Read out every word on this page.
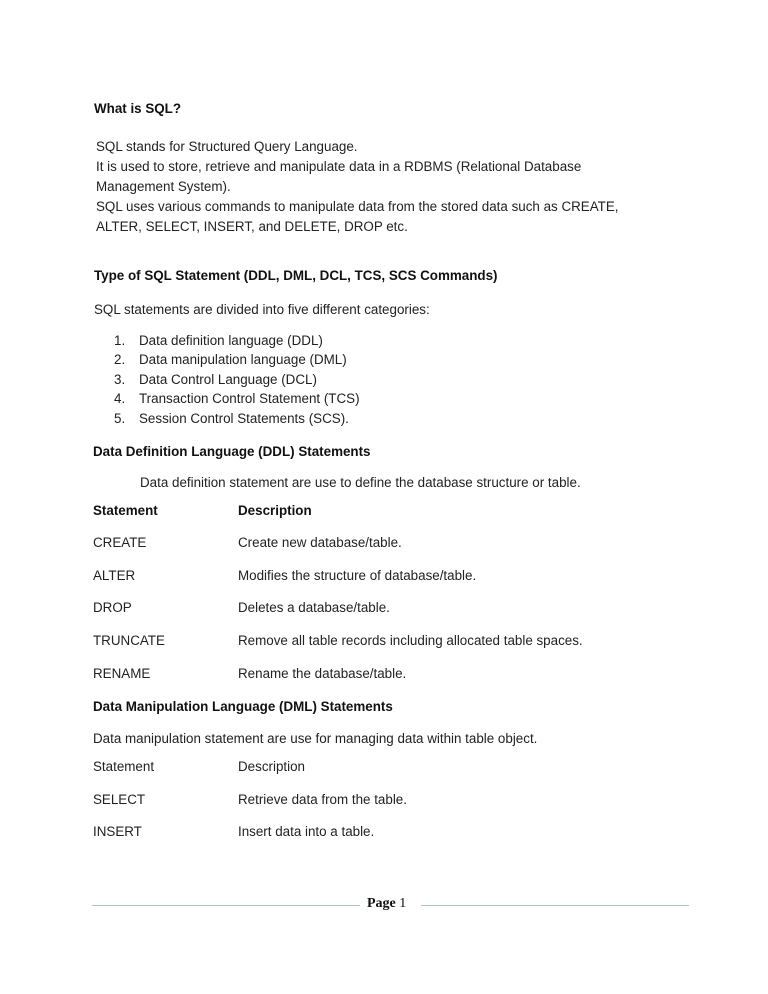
What is SQL?
SQL stands for Structured Query Language.
It is used to store, retrieve and manipulate data in a RDBMS (Relational Database
Management System).
SQL uses various commands to manipulate data from the stored data such as CREATE,
ALTER, SELECT, INSERT, and DELETE, DROP etc.
Type of SQL Statement (DDL, DML, DCL, TCS, SCS Commands)
SQL statements are divided into five different categories:
1. Data definition language (DDL)
2. Data manipulation language (DML)
3. Data Control Language (DCL)
4. Transaction Control Statement (TCS)
5. Session Control Statements (SCS).
Data Definition Language (DDL) Statements
Data definition statement are use to define the database structure or table.
Statement	Description
CREATE	Create new database/table.
ALTER	Modifies the structure of database/table.
DROP	Deletes a database/table.
TRUNCATE	Remove all table records including allocated table spaces.
RENAME	Rename the database/table.
Data Manipulation Language (DML) Statements
Data manipulation statement are use for managing data within table object.
Statement	Description
SELECT	Retrieve data from the table.
INSERT	Insert data into a table.
Page 1
